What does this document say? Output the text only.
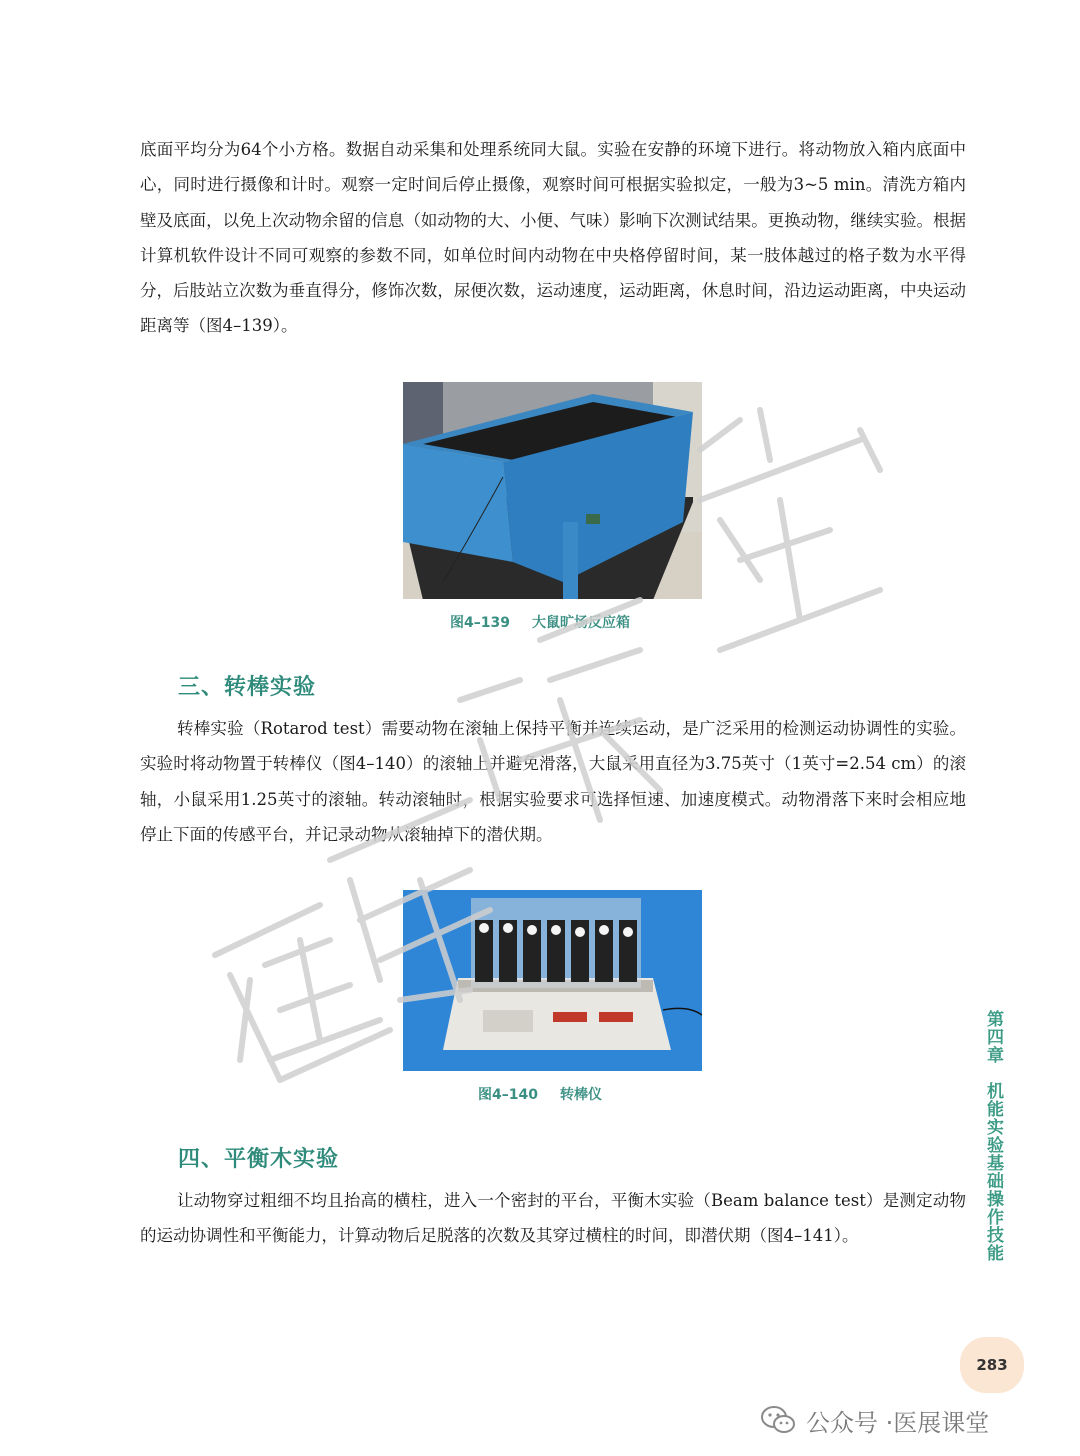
底面平均分为64个小方格。数据自动采集和处理系统同大鼠。实验在安静的环境下进行。将动物放入箱内底面中心，同时进行摄像和计时。观察一定时间后停止摄像，观察时间可根据实验拟定，一般为3~5 min。清洗方箱内壁及底面，以免上次动物余留的信息（如动物的大、小便、气味）影响下次测试结果。更换动物，继续实验。根据计算机软件设计不同可观察的参数不同，如单位时间内动物在中央格停留时间，某一肢体越过的格子数为水平得分，后肢站立次数为垂直得分，修饰次数，尿便次数，运动速度，运动距离，休息时间，沿边运动距离，中央运动距离等（图4–139）。

图4–139 大鼠旷场反应箱

三、转棒实验

转棒实验（Rotarod test）需要动物在滚轴上保持平衡并连续运动，是广泛采用的检测运动协调性的实验。实验时将动物置于转棒仪（图4–140）的滚轴上并避免滑落，大鼠采用直径为3.75英寸（1英寸=2.54 cm）的滚轴，小鼠采用1.25英寸的滚轴。转动滚轴时，根据实验要求可选择恒速、加速度模式。动物滑落下来时会相应地停止下面的传感平台，并记录动物从滚轴掉下的潜伏期。

图4–140 转棒仪

四、平衡木实验

让动物穿过粗细不均且抬高的横柱，进入一个密封的平台，平衡木实验（Beam balance test）是测定动物的运动协调性和平衡能力，计算动物后足脱落的次数及其穿过横柱的时间，即潜伏期（图4–141）。

第四章
机能实验基础操作技能
283
公众号 · 医展课堂
